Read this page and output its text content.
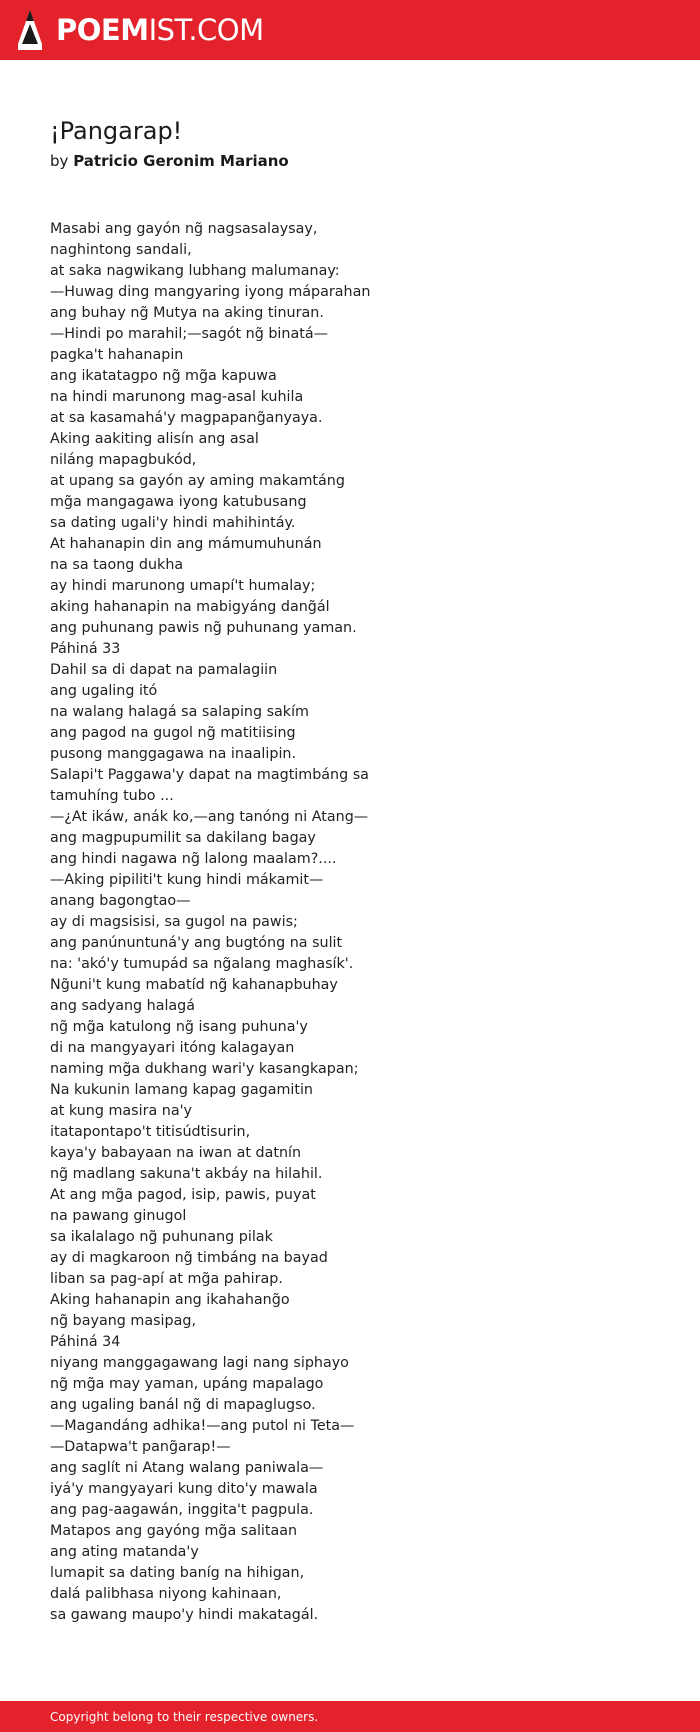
POEMIST.COM
¡Pangarap!
by Patricio Geronim Mariano
Masabi ang gayón ng̃ nagsasalaysay,
naghintong sandali,
at saka nagwikang lubhang malumanay:
—Huwag ding mangyaring iyong máparahan
ang buhay ng̃ Mutya na aking tinuran.
—Hindi po marahil;—sagót ng̃ binatá—
pagka't hahanapin
ang ikatatagpo ng̃ mg̃a kapuwa
na hindi marunong mag-asal kuhila
at sa kasamahá'y magpapang̃anyaya.
Aking aakiting alisín ang asal
niláng mapagbukód,
at upang sa gayón ay aming makamtáng
mg̃a mangagawa iyong katubusang
sa dating ugali'y hindi mahihintáy.
At hahanapin din ang mámumuhunán
na sa taong dukha
ay hindi marunong umapí't humalay;
aking hahanapin na mabigyáng dang̃ál
ang puhunang pawis ng̃ puhunang yaman.
Páhiná 33
Dahil sa di dapat na pamalagiin
ang ugaling itó
na walang halagá sa salaping sakím
ang pagod na gugol ng̃ matitiising
pusong manggagawa na inaalipin.
Salapi't Paggawa'y dapat na magtimbáng sa
tamuhíng tubo ...
—¿At ikáw, anák ko,—ang tanóng ni Atang—
ang magpupumilit sa dakilang bagay
ang hindi nagawa ng̃ lalong maalam?....
—Aking pipiliti't kung hindi mákamit—
anang bagongtao—
ay di magsisisi, sa gugol na pawis;
ang panúnuntuná'y ang bugtóng na sulit
na: 'akó'y tumupád sa ng̃alang maghasík'.
Ng̃uni't kung mabatíd ng̃ kahanapbuhay
ang sadyang halagá
ng̃ mg̃a katulong ng̃ isang puhuna'y
di na mangyayari itóng kalagayan
naming mg̃a dukhang wari'y kasangkapan;
Na kukunin lamang kapag gagamitin
at kung masira na'y
itatapontapo't titisúdtisurin,
kaya'y babayaan na iwan at datnín
ng̃ madlang sakuna't akbáy na hilahil.
At ang mg̃a pagod, isip, pawis, puyat
na pawang ginugol
sa ikalalago ng̃ puhunang pilak
ay di magkaroon ng̃ timbáng na bayad
liban sa pag-apí at mg̃a pahirap.
Aking hahanapin ang ikahahang̃o
ng̃ bayang masipag,
Páhiná 34
niyang manggagawang lagi nang siphayo
ng̃ mg̃a may yaman, upáng mapalago
ang ugaling banál ng̃ di mapaglugso.
—Magandáng adhika!—ang putol ni Teta—
—Datapwa't pang̃arap!—
ang saglít ni Atang walang paniwala—
iyá'y mangyayari kung dito'y mawala
ang pag-aagawán, inggita't pagpula.
Matapos ang gayóng mg̃a salitaan
ang ating matanda'y
lumapit sa dating baníg na hihigan,
dalá palibhasa niyong kahinaan,
sa gawang maupo'y hindi makatagál.
Copyright belong to their respective owners.
